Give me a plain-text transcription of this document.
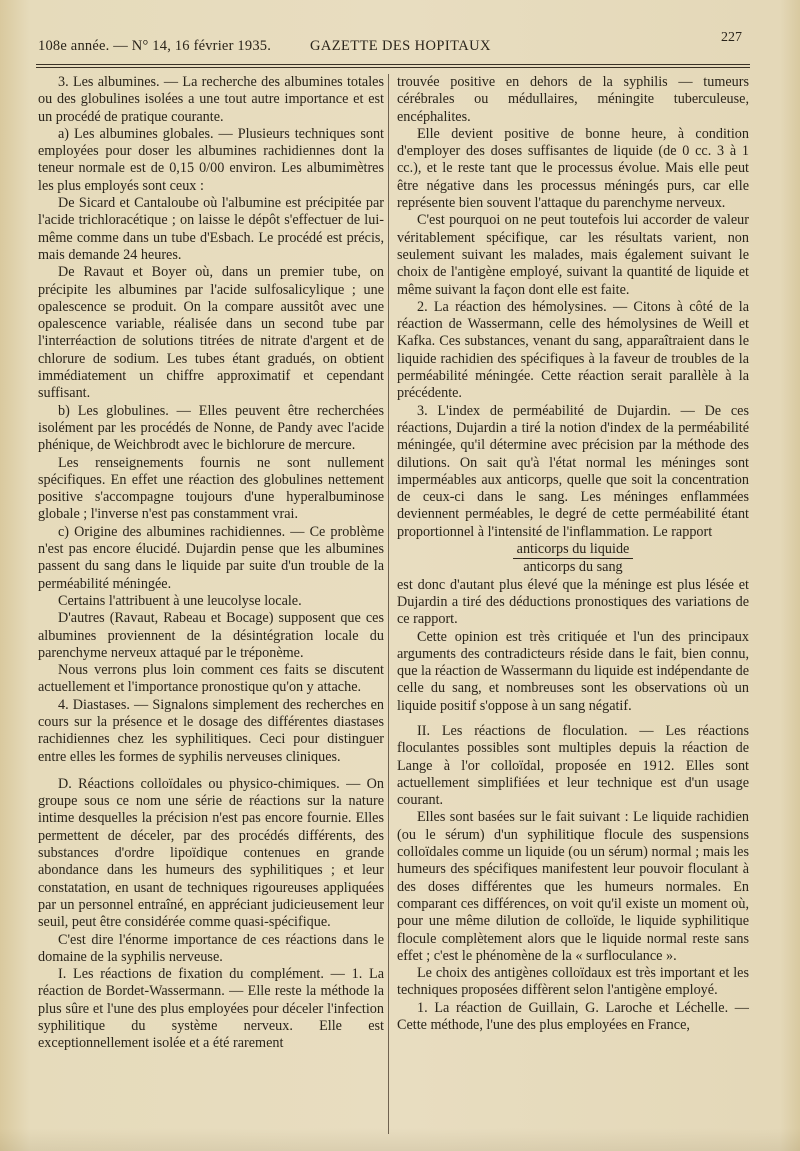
108e année. — N° 14, 16 février 1935.	GAZETTE DES HOPITAUX
227

3. Les albumines. — La recherche des albumines totales ou des globulines isolées a une tout autre importance et est un procédé de pratique courante.

a) Les albumines globales. — Plusieurs techniques sont employées pour doser les albumines rachidiennes dont la teneur normale est de 0,15 0/00 environ. Les albumimètres les plus employés sont ceux :

De Sicard et Cantaloube où l'albumine est précipitée par l'acide trichloracétique ; on laisse le dépôt s'effectuer de lui-même comme dans un tube d'Esbach. Le procédé est précis, mais demande 24 heures.

De Ravaut et Boyer où, dans un premier tube, on précipite les albumines par l'acide sulfosalicylique ; une opalescence se produit. On la compare aussitôt avec une opalescence variable, réalisée dans un second tube par l'interréaction de solutions titrées de nitrate d'argent et de chlorure de sodium. Les tubes étant gradués, on obtient immédiatement un chiffre approximatif et cependant suffisant.

b) Les globulines. — Elles peuvent être recherchées isolément par les procédés de Nonne, de Pandy avec l'acide phénique, de Weichbrodt avec le bichlorure de mercure.

Les renseignements fournis ne sont nullement spécifiques. En effet une réaction des globulines nettement positive s'accompagne toujours d'une hyperalbuminose globale ; l'inverse n'est pas constamment vrai.

c) Origine des albumines rachidiennes. — Ce problème n'est pas encore élucidé. Dujardin pense que les albumines passent du sang dans le liquide par suite d'un trouble de la perméabilité méningée.

Certains l'attribuent à une leucolyse locale.

D'autres (Ravaut, Rabeau et Bocage) supposent que ces albumines proviennent de la désintégration locale du parenchyme nerveux attaqué par le tréponème.

Nous verrons plus loin comment ces faits se discutent actuellement et l'importance pronostique qu'on y attache.

4. Diastases. — Signalons simplement des recherches en cours sur la présence et le dosage des différentes diastases rachidiennes chez les syphilitiques. Ceci pour distinguer entre elles les formes de syphilis nerveuses cliniques.

D. Réactions colloïdales ou physico-chimiques. — On groupe sous ce nom une série de réactions sur la nature intime desquelles la précision n'est pas encore fournie. Elles permettent de déceler, par des procédés différents, des substances d'ordre lipoïdique contenues en grande abondance dans les humeurs des syphilitiques ; et leur constatation, en usant de techniques rigoureuses appliquées par un personnel entraîné, en appréciant judicieusement leur seuil, peut être considérée comme quasi-spécifique.

C'est dire l'énorme importance de ces réactions dans le domaine de la syphilis nerveuse.

I. Les réactions de fixation du complément. — 1. La réaction de Bordet-Wassermann. — Elle reste la méthode la plus sûre et l'une des plus employées pour déceler l'infection syphilitique du système nerveux. Elle est exceptionnellement isolée et a été rarement

trouvée positive en dehors de la syphilis — tumeurs cérébrales ou médullaires, méningite tuberculeuse, encéphalites.

Elle devient positive de bonne heure, à condition d'employer des doses suffisantes de liquide (de 0 cc. 3 à 1 cc.), et le reste tant que le processus évolue. Mais elle peut être négative dans les processus méningés purs, car elle représente bien souvent l'attaque du parenchyme nerveux.

C'est pourquoi on ne peut toutefois lui accorder de valeur véritablement spécifique, car les résultats varient, non seulement suivant les malades, mais également suivant le choix de l'antigène employé, suivant la quantité de liquide et même suivant la façon dont elle est faite.

2. La réaction des hémolysines. — Citons à côté de la réaction de Wassermann, celle des hémolysines de Weill et Kafka. Ces substances, venant du sang, apparaîtraient dans le liquide rachidien des spécifiques à la faveur de troubles de la perméabilité méningée. Cette réaction serait parallèle à la précédente.

3. L'index de perméabilité de Dujardin. — De ces réactions, Dujardin a tiré la notion d'index de la perméabilité méningée, qu'il détermine avec précision par la méthode des dilutions. On sait qu'à l'état normal les méninges sont imperméables aux anticorps, quelle que soit la concentration de ceux-ci dans le sang. Les méninges enflammées deviennent perméables, le degré de cette perméabilité étant proportionnel à l'intensité de l'inflammation. Le rapport

anticorps du liquide
anticorps du sang

est donc d'autant plus élevé que la méninge est plus lésée et Dujardin a tiré des déductions pronostiques des variations de ce rapport.

Cette opinion est très critiquée et l'un des principaux arguments des contradicteurs réside dans le fait, bien connu, que la réaction de Wassermann du liquide est indépendante de celle du sang, et nombreuses sont les observations où un liquide positif s'oppose à un sang négatif.

II. Les réactions de floculation. — Les réactions floculantes possibles sont multiples depuis la réaction de Lange à l'or colloïdal, proposée en 1912. Elles sont actuellement simplifiées et leur technique est d'un usage courant.

Elles sont basées sur le fait suivant : Le liquide rachidien (ou le sérum) d'un syphilitique flocule des suspensions colloïdales comme un liquide (ou un sérum) normal ; mais les humeurs des spécifiques manifestent leur pouvoir floculant à des doses différentes que les humeurs normales. En comparant ces différences, on voit qu'il existe un moment où, pour une même dilution de colloïde, le liquide syphilitique flocule complètement alors que le liquide normal reste sans effet ; c'est le phénomène de la « surfloculance ».

Le choix des antigènes colloïdaux est très important et les techniques proposées diffèrent selon l'antigène employé.

1. La réaction de Guillain, G. Laroche et Léchelle. — Cette méthode, l'une des plus employées en France,
